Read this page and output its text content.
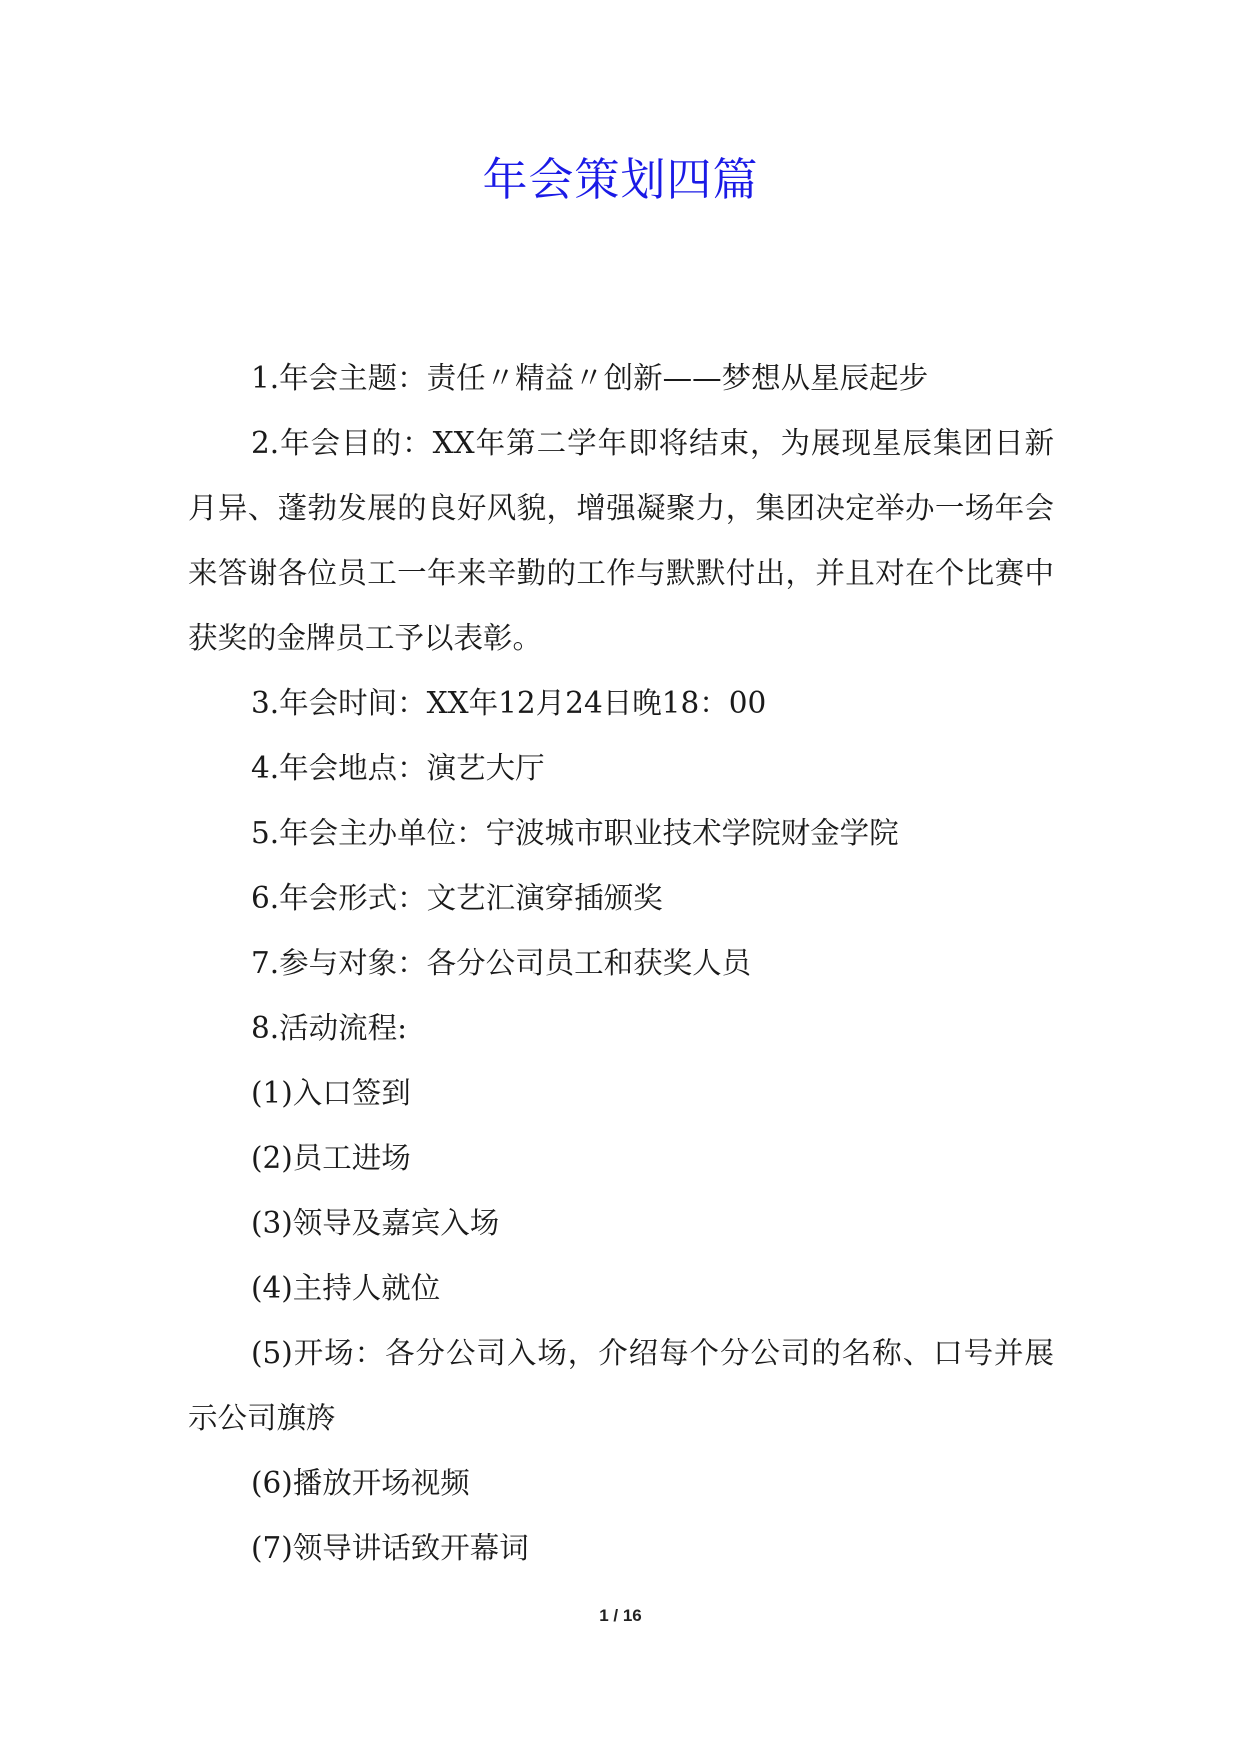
年会策划四篇

1.年会主题：责任〃精益〃创新——梦想从星辰起步

2.年会目的：XX年第二学年即将结束，为展现星辰集团日新月异、蓬勃发展的良好风貌，增强凝聚力，集团决定举办一场年会来答谢各位员工一年来辛勤的工作与默默付出，并且对在个比赛中获奖的金牌员工予以表彰。

3.年会时间：XX年12月24日晚18：00

4.年会地点：演艺大厅

5.年会主办单位：宁波城市职业技术学院财金学院

6.年会形式：文艺汇演穿插颁奖

7.参与对象：各分公司员工和获奖人员

8.活动流程:

(1)入口签到

(2)员工进场

(3)领导及嘉宾入场

(4)主持人就位

(5)开场：各分公司入场，介绍每个分公司的名称、口号并展示公司旗旍

(6)播放开场视频

(7)领导讲话致开幕词

1 / 16
